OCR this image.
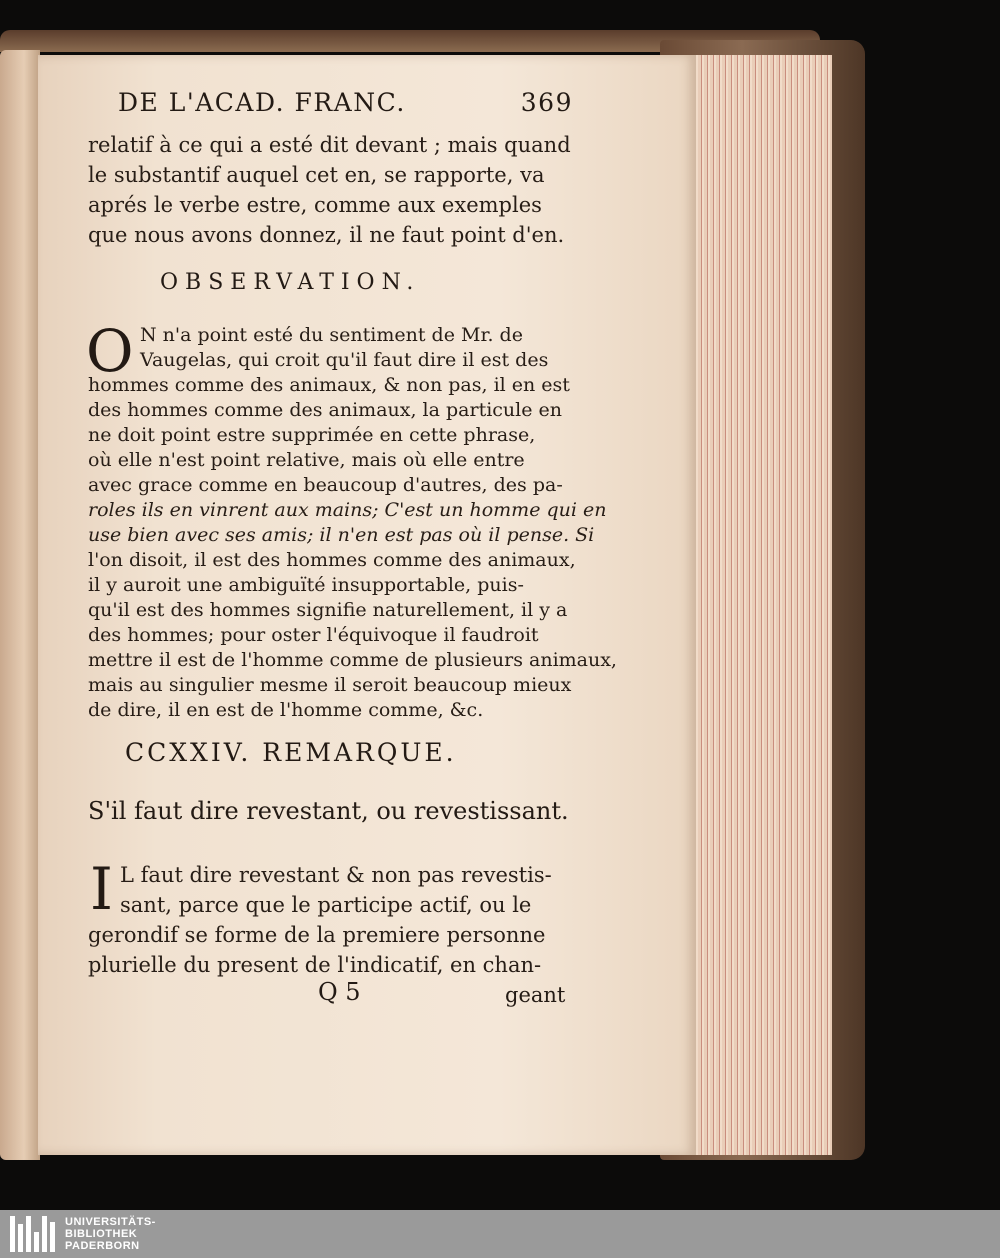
DE L'ACAD. FRANC.	369
relatif à ce qui a esté dit devant ; mais quand
le substantif auquel cet en, se rapporte, va
aprés le verbe estre, comme aux exemples
que nous avons donnez, il ne faut point d'en.
OBSERVATION.
O N n'a point esté du sentiment de Mr. de
Vaugelas, qui croit qu'il faut dire il est des
hommes comme des animaux, & non pas, il en est
des hommes comme des animaux, la particule en
ne doit point estre supprimée en cette phrase,
où elle n'est point relative, mais où elle entre
avec grace comme en beaucoup d'autres, des pa-
roles ils en vinrent aux mains; C'est un homme qui en
use bien avec ses amis; il n'en est pas où il pense. Si
l'on disoit, il est des hommes comme des animaux,
il y auroit une ambiguïté insupportable, puis-
qu'il est des hommes signifie naturellement, il y a
des hommes; pour oster l'équivoque il faudroit
mettre il est de l'homme comme de plusieurs animaux,
mais au singulier mesme il seroit beaucoup mieux
de dire, il en est de l'homme comme, &c.
CCXXIV. REMARQUE.
S'il faut dire revestant, ou revestissant.
I L faut dire revestant & non pas revestis-
sant, parce que le participe actif, ou le
gerondif se forme de la premiere personne
plurielle du present de l'indicatif, en chan-
Q 5	geant
UNIVERSITÄTS-
BIBLIOTHEK
PADERBORN
